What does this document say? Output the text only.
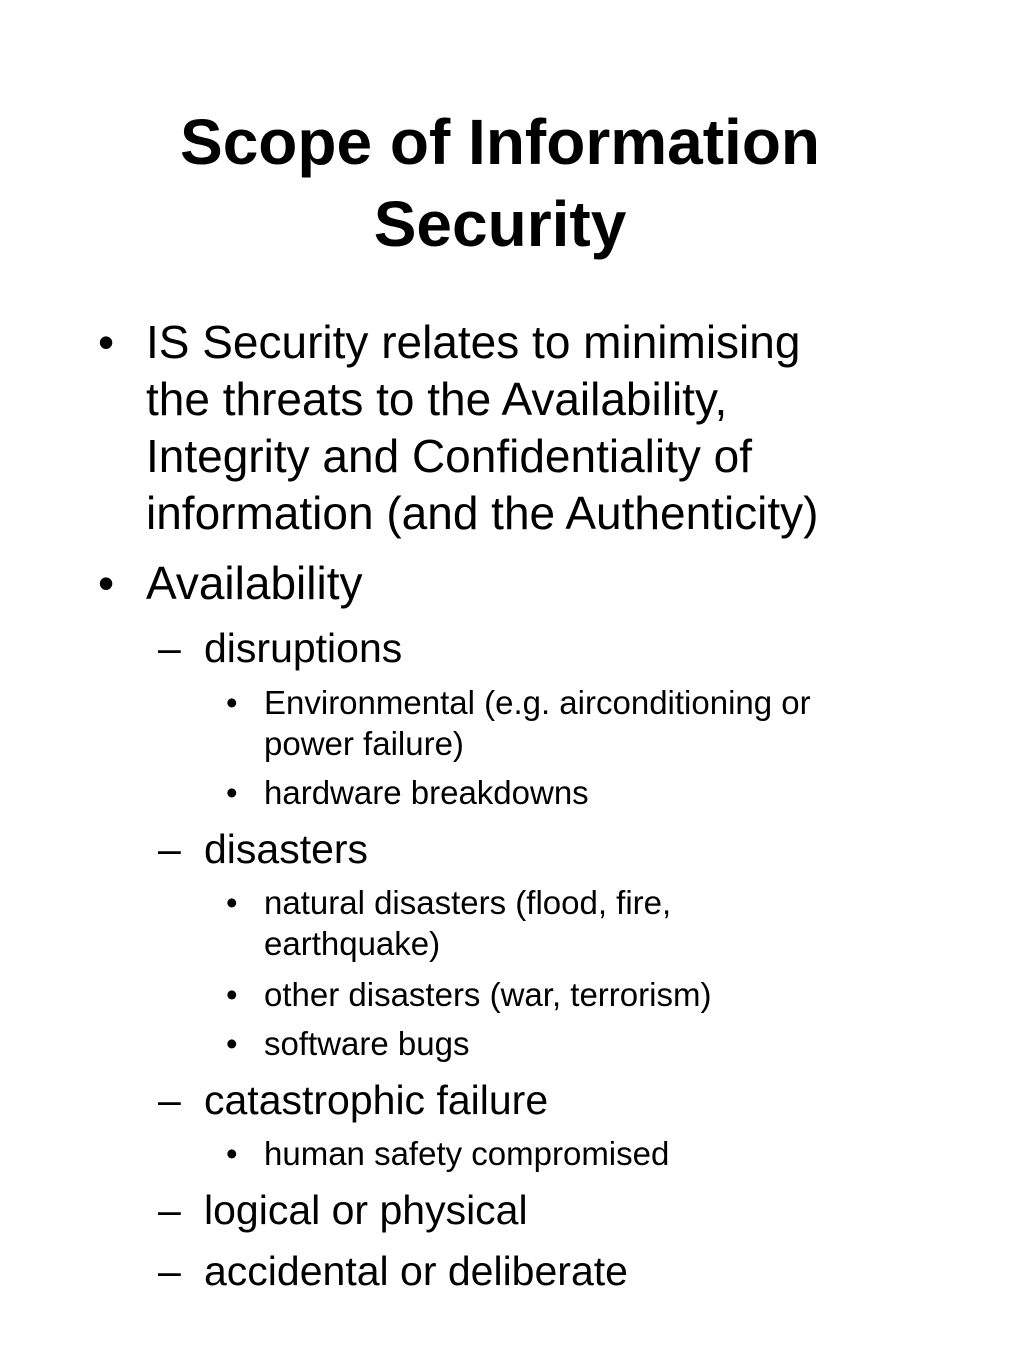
Scope of Information
Security
• IS Security relates to minimising
the threats to the Availability,
Integrity and Confidentiality of
information (and the Authenticity)
• Availability
– disruptions
• Environmental (e.g. airconditioning or
power failure)
• hardware breakdowns
– disasters
• natural disasters (flood, fire,
earthquake)
• other disasters (war, terrorism)
• software bugs
– catastrophic failure
• human safety compromised
– logical or physical
– accidental or deliberate
